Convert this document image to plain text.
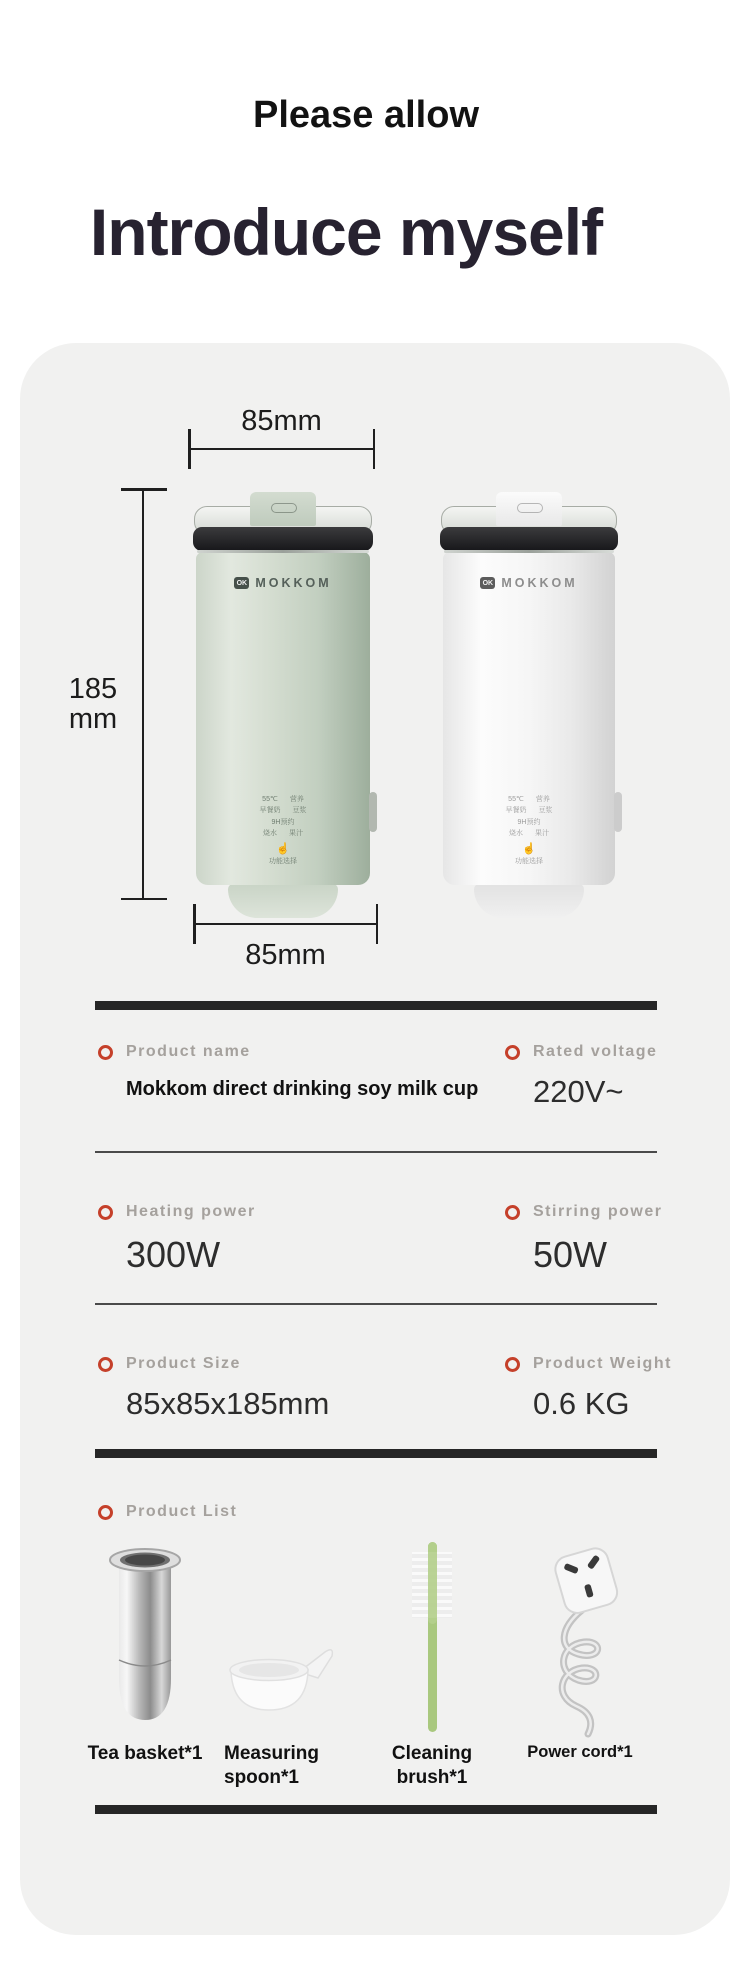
Please allow
Introduce myself
85mm
185
mm
OK MOKKOM
55℃ 营养
早餐奶 豆浆
9H预约
烧水 果汁
☝
功能选择
OK MOKKOM
55℃ 营养
早餐奶 豆浆
9H预约
烧水 果汁
☝
功能选择
85mm
Product name
Mokkom direct drinking soy milk cup
Rated voltage
220V~
Heating power
300W
Stirring power
50W
Product Size
85x85x185mm
Product Weight
0.6 KG
Product List
Tea basket*1 Measuring spoon*1
Cleaning brush*1
Power cord*1
